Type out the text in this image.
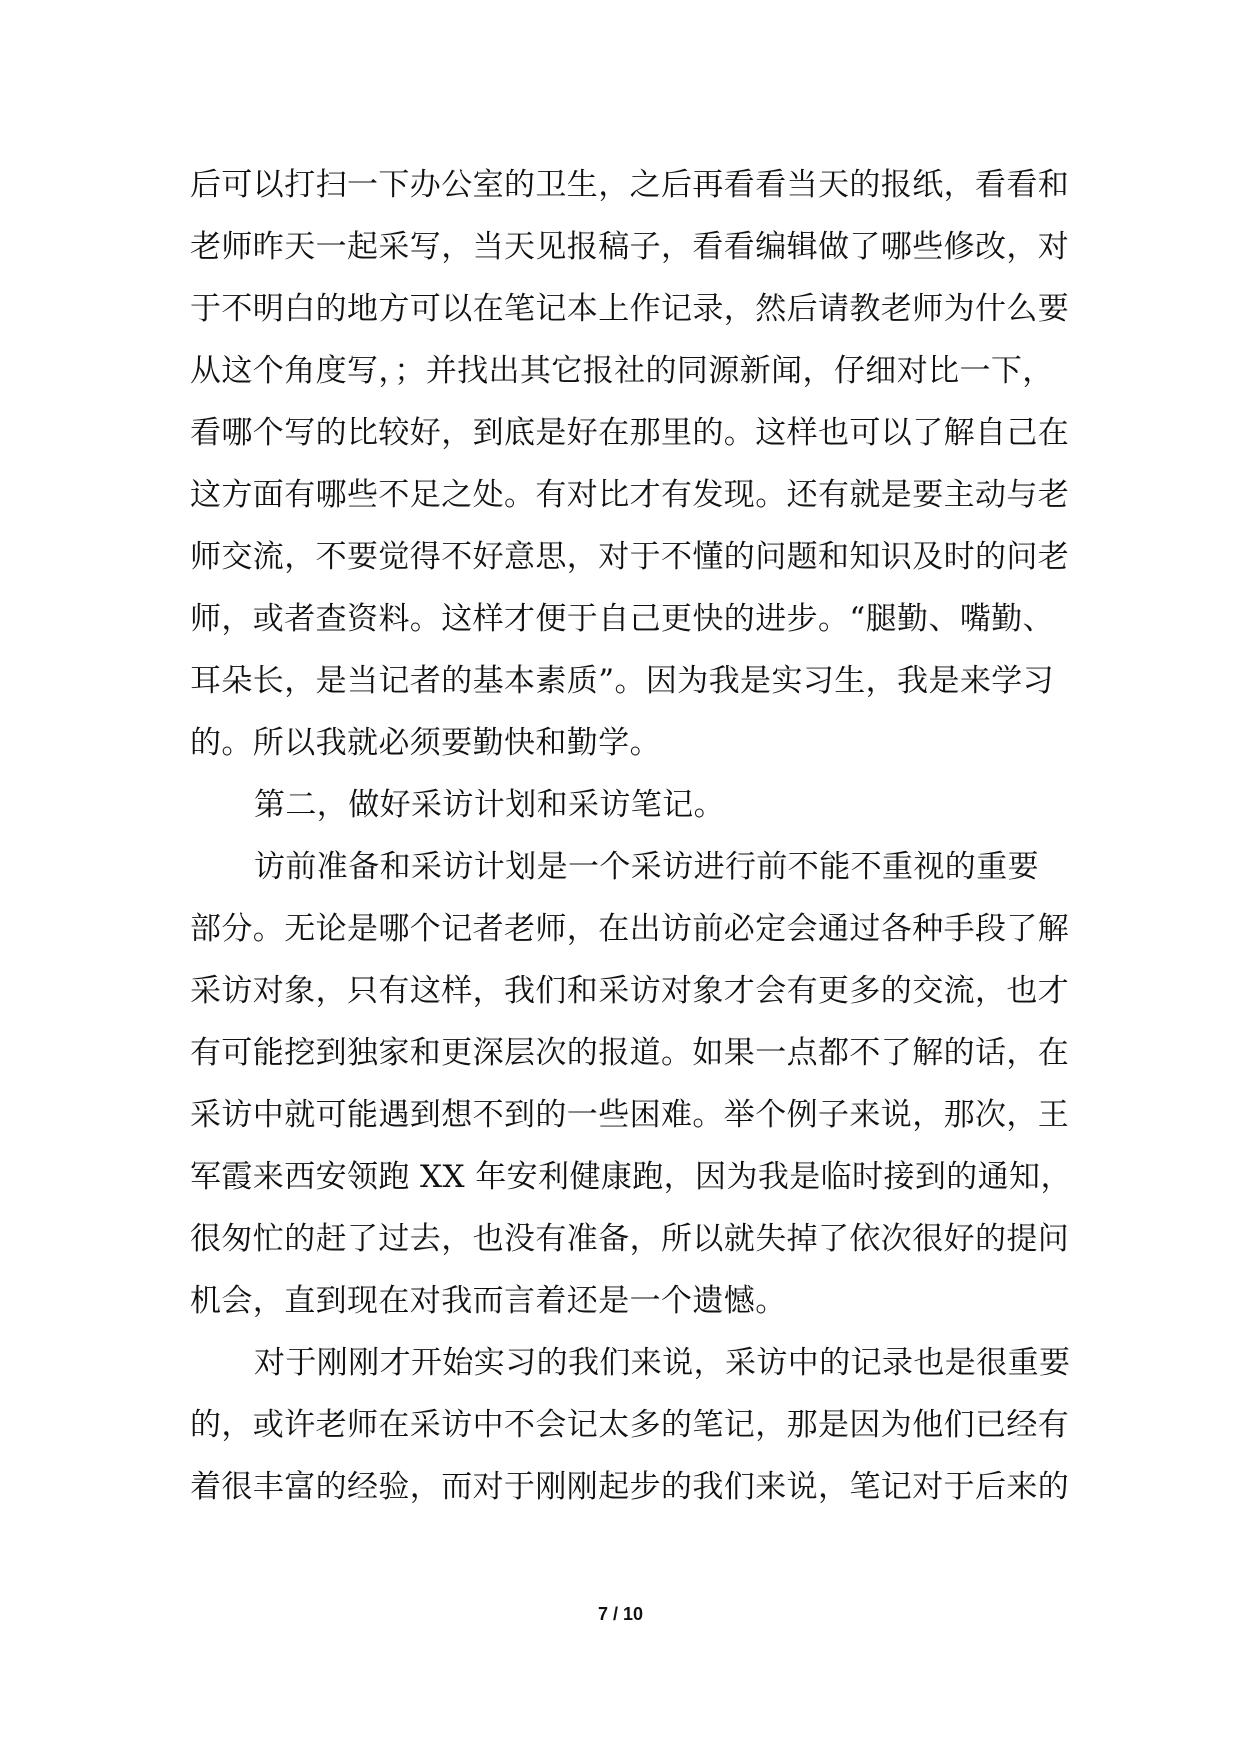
后可以打扫一下办公室的卫生，之后再看看当天的报纸，看看和
老师昨天一起采写，当天见报稿子，看看编辑做了哪些修改，对
于不明白的地方可以在笔记本上作记录，然后请教老师为什么要
从这个角度写，；并找出其它报社的同源新闻，仔细对比一下，
看哪个写的比较好，到底是好在那里的。这样也可以了解自己在
这方面有哪些不足之处。有对比才有发现。还有就是要主动与老
师交流，不要觉得不好意思，对于不懂的问题和知识及时的问老
师，或者查资料。这样才便于自己更快的进步。“腿勤、嘴勤、
耳朵长，是当记者的基本素质”。因为我是实习生，我是来学习
的。所以我就必须要勤快和勤学。
第二，做好采访计划和采访笔记。
访前准备和采访计划是一个采访进行前不能不重视的重要
部分。无论是哪个记者老师，在出访前必定会通过各种手段了解
采访对象，只有这样，我们和采访对象才会有更多的交流，也才
有可能挖到独家和更深层次的报道。如果一点都不了解的话，在
采访中就可能遇到想不到的一些困难。举个例子来说，那次，王
军霞来西安领跑 XX 年安利健康跑，因为我是临时接到的通知，
很匆忙的赶了过去，也没有准备，所以就失掉了依次很好的提问
机会，直到现在对我而言着还是一个遗憾。
对于刚刚才开始实习的我们来说，采访中的记录也是很重要
的，或许老师在采访中不会记太多的笔记，那是因为他们已经有
着很丰富的经验，而对于刚刚起步的我们来说，笔记对于后来的
7 / 10
